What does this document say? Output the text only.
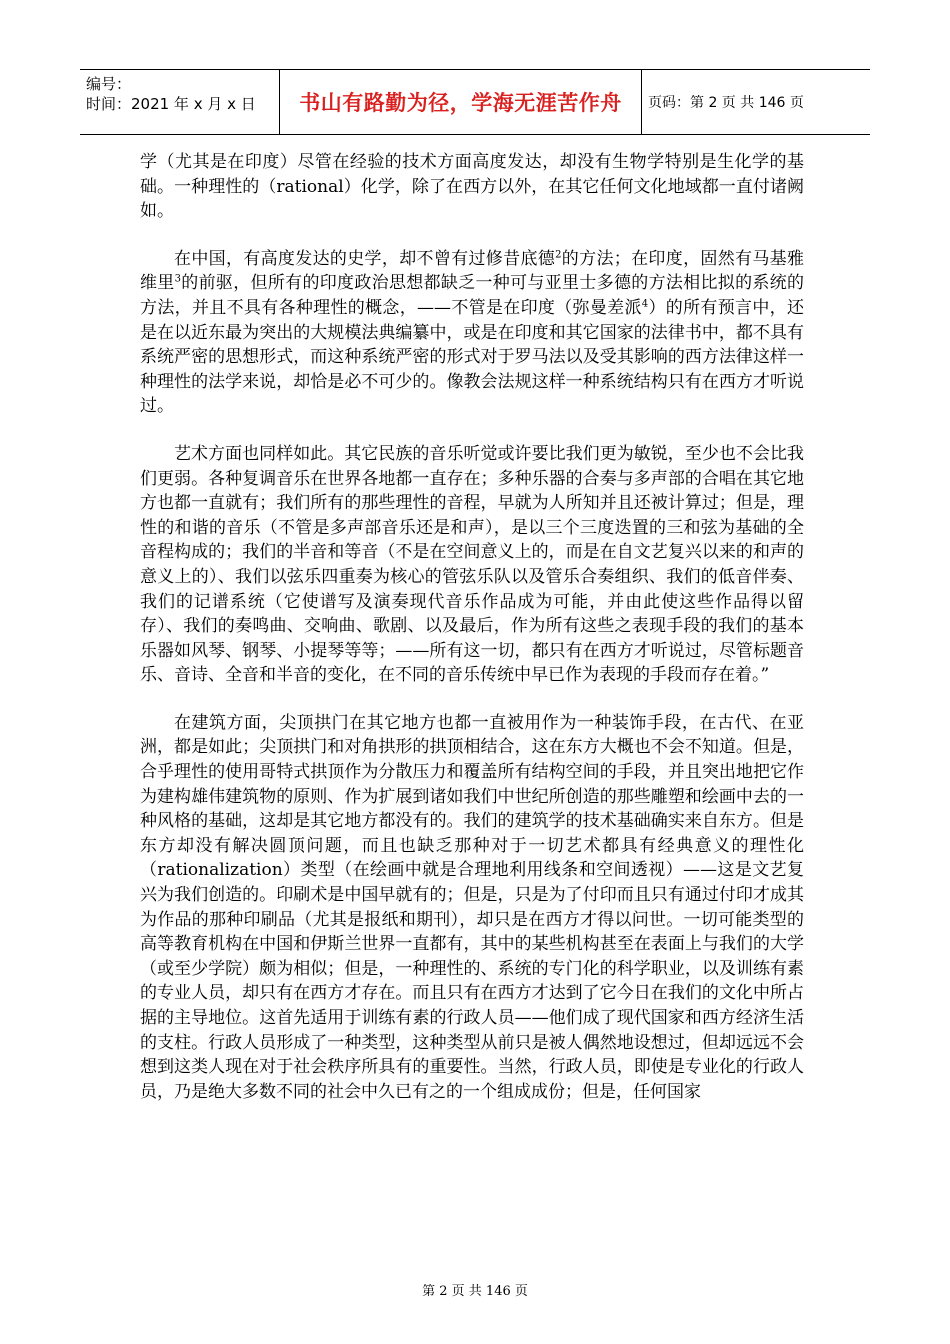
编号：
时间：2021 年 x 月 x 日	书山有路勤为径，学海无涯苦作舟	页码：第 2 页 共 146 页

学（尤其是在印度）尽管在经验的技术方面高度发达，却没有生物学特别是生化学的基础。一种理性的（rational）化学，除了在西方以外，在其它任何文化地域都一直付诸阙如。

在中国，有高度发达的史学，却不曾有过修昔底德$^2$的方法；在印度，固然有马基雅维里$^3$的前驱，但所有的印度政治思想都缺乏一种可与亚里士多德的方法相比拟的系统的方法，并且不具有各种理性的概念，——不管是在印度（弥曼差派$^4$）的所有预言中，还是在以近东最为突出的大规模法典编纂中，或是在印度和其它国家的法律书中，都不具有系统严密的思想形式，而这种系统严密的形式对于罗马法以及受其影响的西方法律这样一种理性的法学来说，却恰是必不可少的。像教会法规这样一种系统结构只有在西方才听说过。

艺术方面也同样如此。其它民族的音乐听觉或许要比我们更为敏锐，至少也不会比我们更弱。各种复调音乐在世界各地都一直存在；多种乐器的合奏与多声部的合唱在其它地方也都一直就有；我们所有的那些理性的音程，早就为人所知并且还被计算过；但是，理性的和谐的音乐（不管是多声部音乐还是和声），是以三个三度迭置的三和弦为基础的全音程构成的；我们的半音和等音（不是在空间意义上的，而是在自文艺复兴以来的和声的意义上的）、我们以弦乐四重奏为核心的管弦乐队以及管乐合奏组织、我们的低音伴奏、我们的记谱系统（它使谱写及演奏现代音乐作品成为可能，并由此使这些作品得以留存）、我们的奏鸣曲、交响曲、歌剧、以及最后，作为所有这些之表现手段的我们的基本乐器如风琴、钢琴、小提琴等等；——所有这一切，都只有在西方才听说过，尽管标题音乐、音诗、全音和半音的变化，在不同的音乐传统中早已作为表现的手段而存在着。”

在建筑方面，尖顶拱门在其它地方也都一直被用作为一种装饰手段，在古代、在亚洲，都是如此；尖顶拱门和对角拱形的拱顶相结合，这在东方大概也不会不知道。但是，合乎理性的使用哥特式拱顶作为分散压力和覆盖所有结构空间的手段，并且突出地把它作为建构雄伟建筑物的原则、作为扩展到诸如我们中世纪所创造的那些雕塑和绘画中去的一种风格的基础，这却是其它地方都没有的。我们的建筑学的技术基础确实来自东方。但是东方却没有解决圆顶问题，而且也缺乏那种对于一切艺术都具有经典意义的理性化（rationalization）类型（在绘画中就是合理地利用线条和空间透视）——这是文艺复兴为我们创造的。印刷术是中国早就有的；但是，只是为了付印而且只有通过付印才成其为作品的那种印刷品（尤其是报纸和期刊），却只是在西方才得以问世。一切可能类型的高等教育机构在中国和伊斯兰世界一直都有，其中的某些机构甚至在表面上与我们的大学（或至少学院）颇为相似；但是，一种理性的、系统的专门化的科学职业，以及训练有素的专业人员，却只有在西方才存在。而且只有在西方才达到了它今日在我们的文化中所占据的主导地位。这首先适用于训练有素的行政人员——他们成了现代国家和西方经济生活的支柱。行政人员形成了一种类型，这种类型从前只是被人偶然地设想过，但却远远不会想到这类人现在对于社会秩序所具有的重要性。当然，行政人员，即使是专业化的行政人员，乃是绝大多数不同的社会中久已有之的一个组成成份；但是，任何国家

第 2 页 共 146 页
